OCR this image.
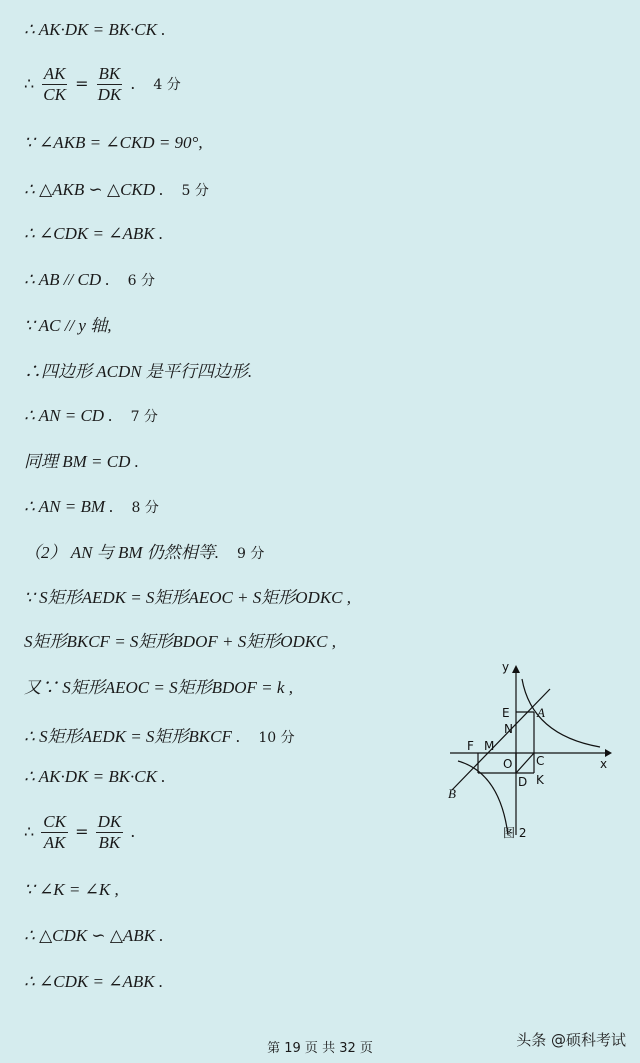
∴ AK·DK = BK·CK .
∴ $\frac{AK}{CK} = \frac{BK}{DK}$ . 4 分
∵ ∠AKB = ∠CKD = 90°,
∴ △AKB ∽ △CKD . 5 分
∴ ∠CDK = ∠ABK .
∴ AB // CD . 6 分
∵ AC // y 轴,
∴四边形 ACDN 是平行四边形.
∴ AN = CD . 7 分
同理 BM = CD .
∴ AN = BM . 8 分
（2） AN 与 BM 仍然相等. 9 分
∵ S矩形AEDK = S矩形AEOC + S矩形ODKC ,
S矩形BKCF = S矩形BDOF + S矩形ODKC ,
又∵ S矩形AEOC = S矩形BDOF = k ,
∴ S矩形AEDK = S矩形BKCF . 10 分
∴ AK·DK = BK·CK .
∴ $\frac{CK}{AK} = \frac{DK}{BK}$ .
∵ ∠K = ∠K ,
∴ △CDK ∽ △ABK .
∴ ∠CDK = ∠ABK .
y
x
E A
N
F M
O C
D K
B
图 2
第 19 页 共 32 页	头条 @硕科考试
